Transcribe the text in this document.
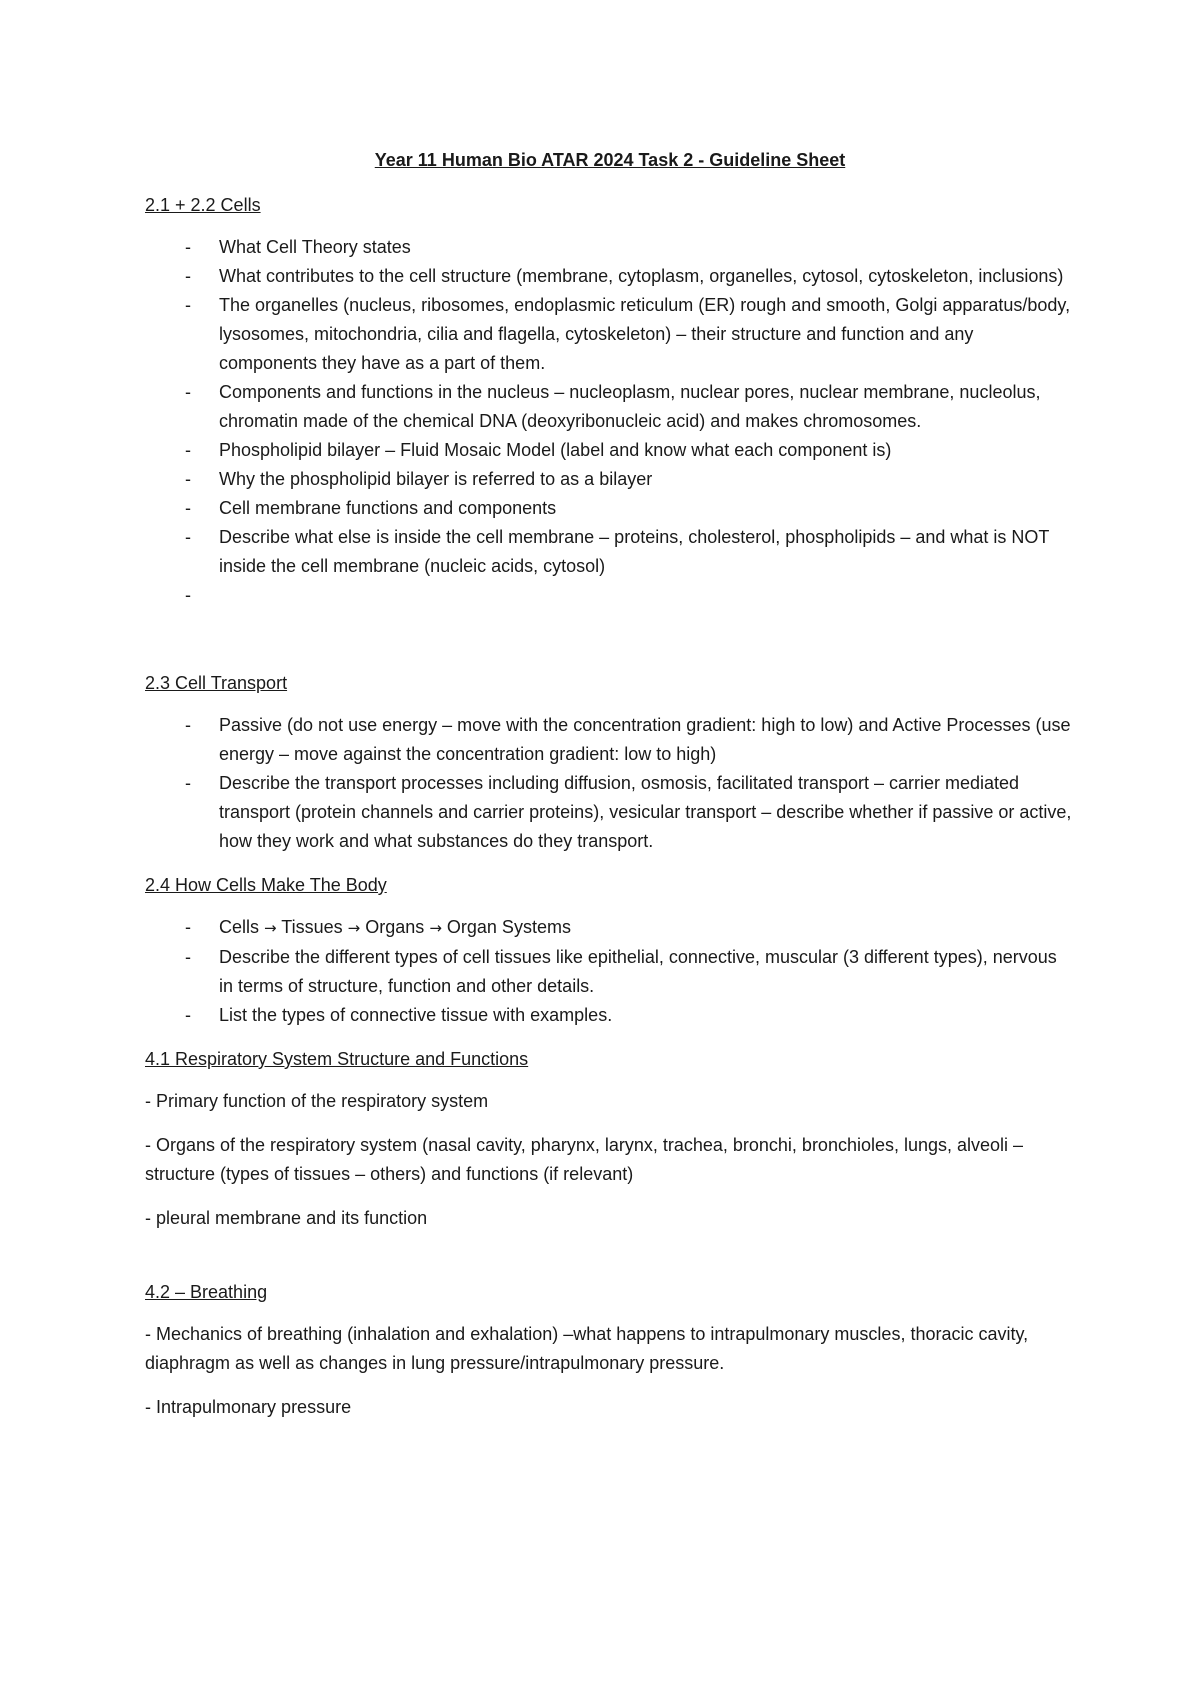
Year 11 Human Bio ATAR 2024 Task 2 - Guideline Sheet
2.1 + 2.2 Cells
- What Cell Theory states
- What contributes to the cell structure (membrane, cytoplasm, organelles, cytosol, cytoskeleton, inclusions)
- The organelles (nucleus, ribosomes, endoplasmic reticulum (ER) rough and smooth, Golgi apparatus/body, lysosomes, mitochondria, cilia and flagella, cytoskeleton) – their structure and function and any components they have as a part of them.
- Components and functions in the nucleus – nucleoplasm, nuclear pores, nuclear membrane, nucleolus, chromatin made of the chemical DNA (deoxyribonucleic acid) and makes chromosomes.
- Phospholipid bilayer – Fluid Mosaic Model (label and know what each component is)
- Why the phospholipid bilayer is referred to as a bilayer
- Cell membrane functions and components
- Describe what else is inside the cell membrane – proteins, cholesterol, phospholipids – and what is NOT inside the cell membrane (nucleic acids, cytosol)
-
2.3 Cell Transport
- Passive (do not use energy – move with the concentration gradient: high to low) and Active Processes (use energy – move against the concentration gradient: low to high)
- Describe the transport processes including diffusion, osmosis, facilitated transport – carrier mediated transport (protein channels and carrier proteins), vesicular transport – describe whether if passive or active, how they work and what substances do they transport.
2.4 How Cells Make The Body
- Cells → Tissues → Organs → Organ Systems
- Describe the different types of cell tissues like epithelial, connective, muscular (3 different types), nervous in terms of structure, function and other details.
- List the types of connective tissue with examples.
4.1 Respiratory System Structure and Functions
- Primary function of the respiratory system
- Organs of the respiratory system (nasal cavity, pharynx, larynx, trachea, bronchi, bronchioles, lungs, alveoli – structure (types of tissues – others) and functions (if relevant)
- pleural membrane and its function
4.2 – Breathing
- Mechanics of breathing (inhalation and exhalation) –what happens to intrapulmonary muscles, thoracic cavity, diaphragm as well as changes in lung pressure/intrapulmonary pressure.
- Intrapulmonary pressure
